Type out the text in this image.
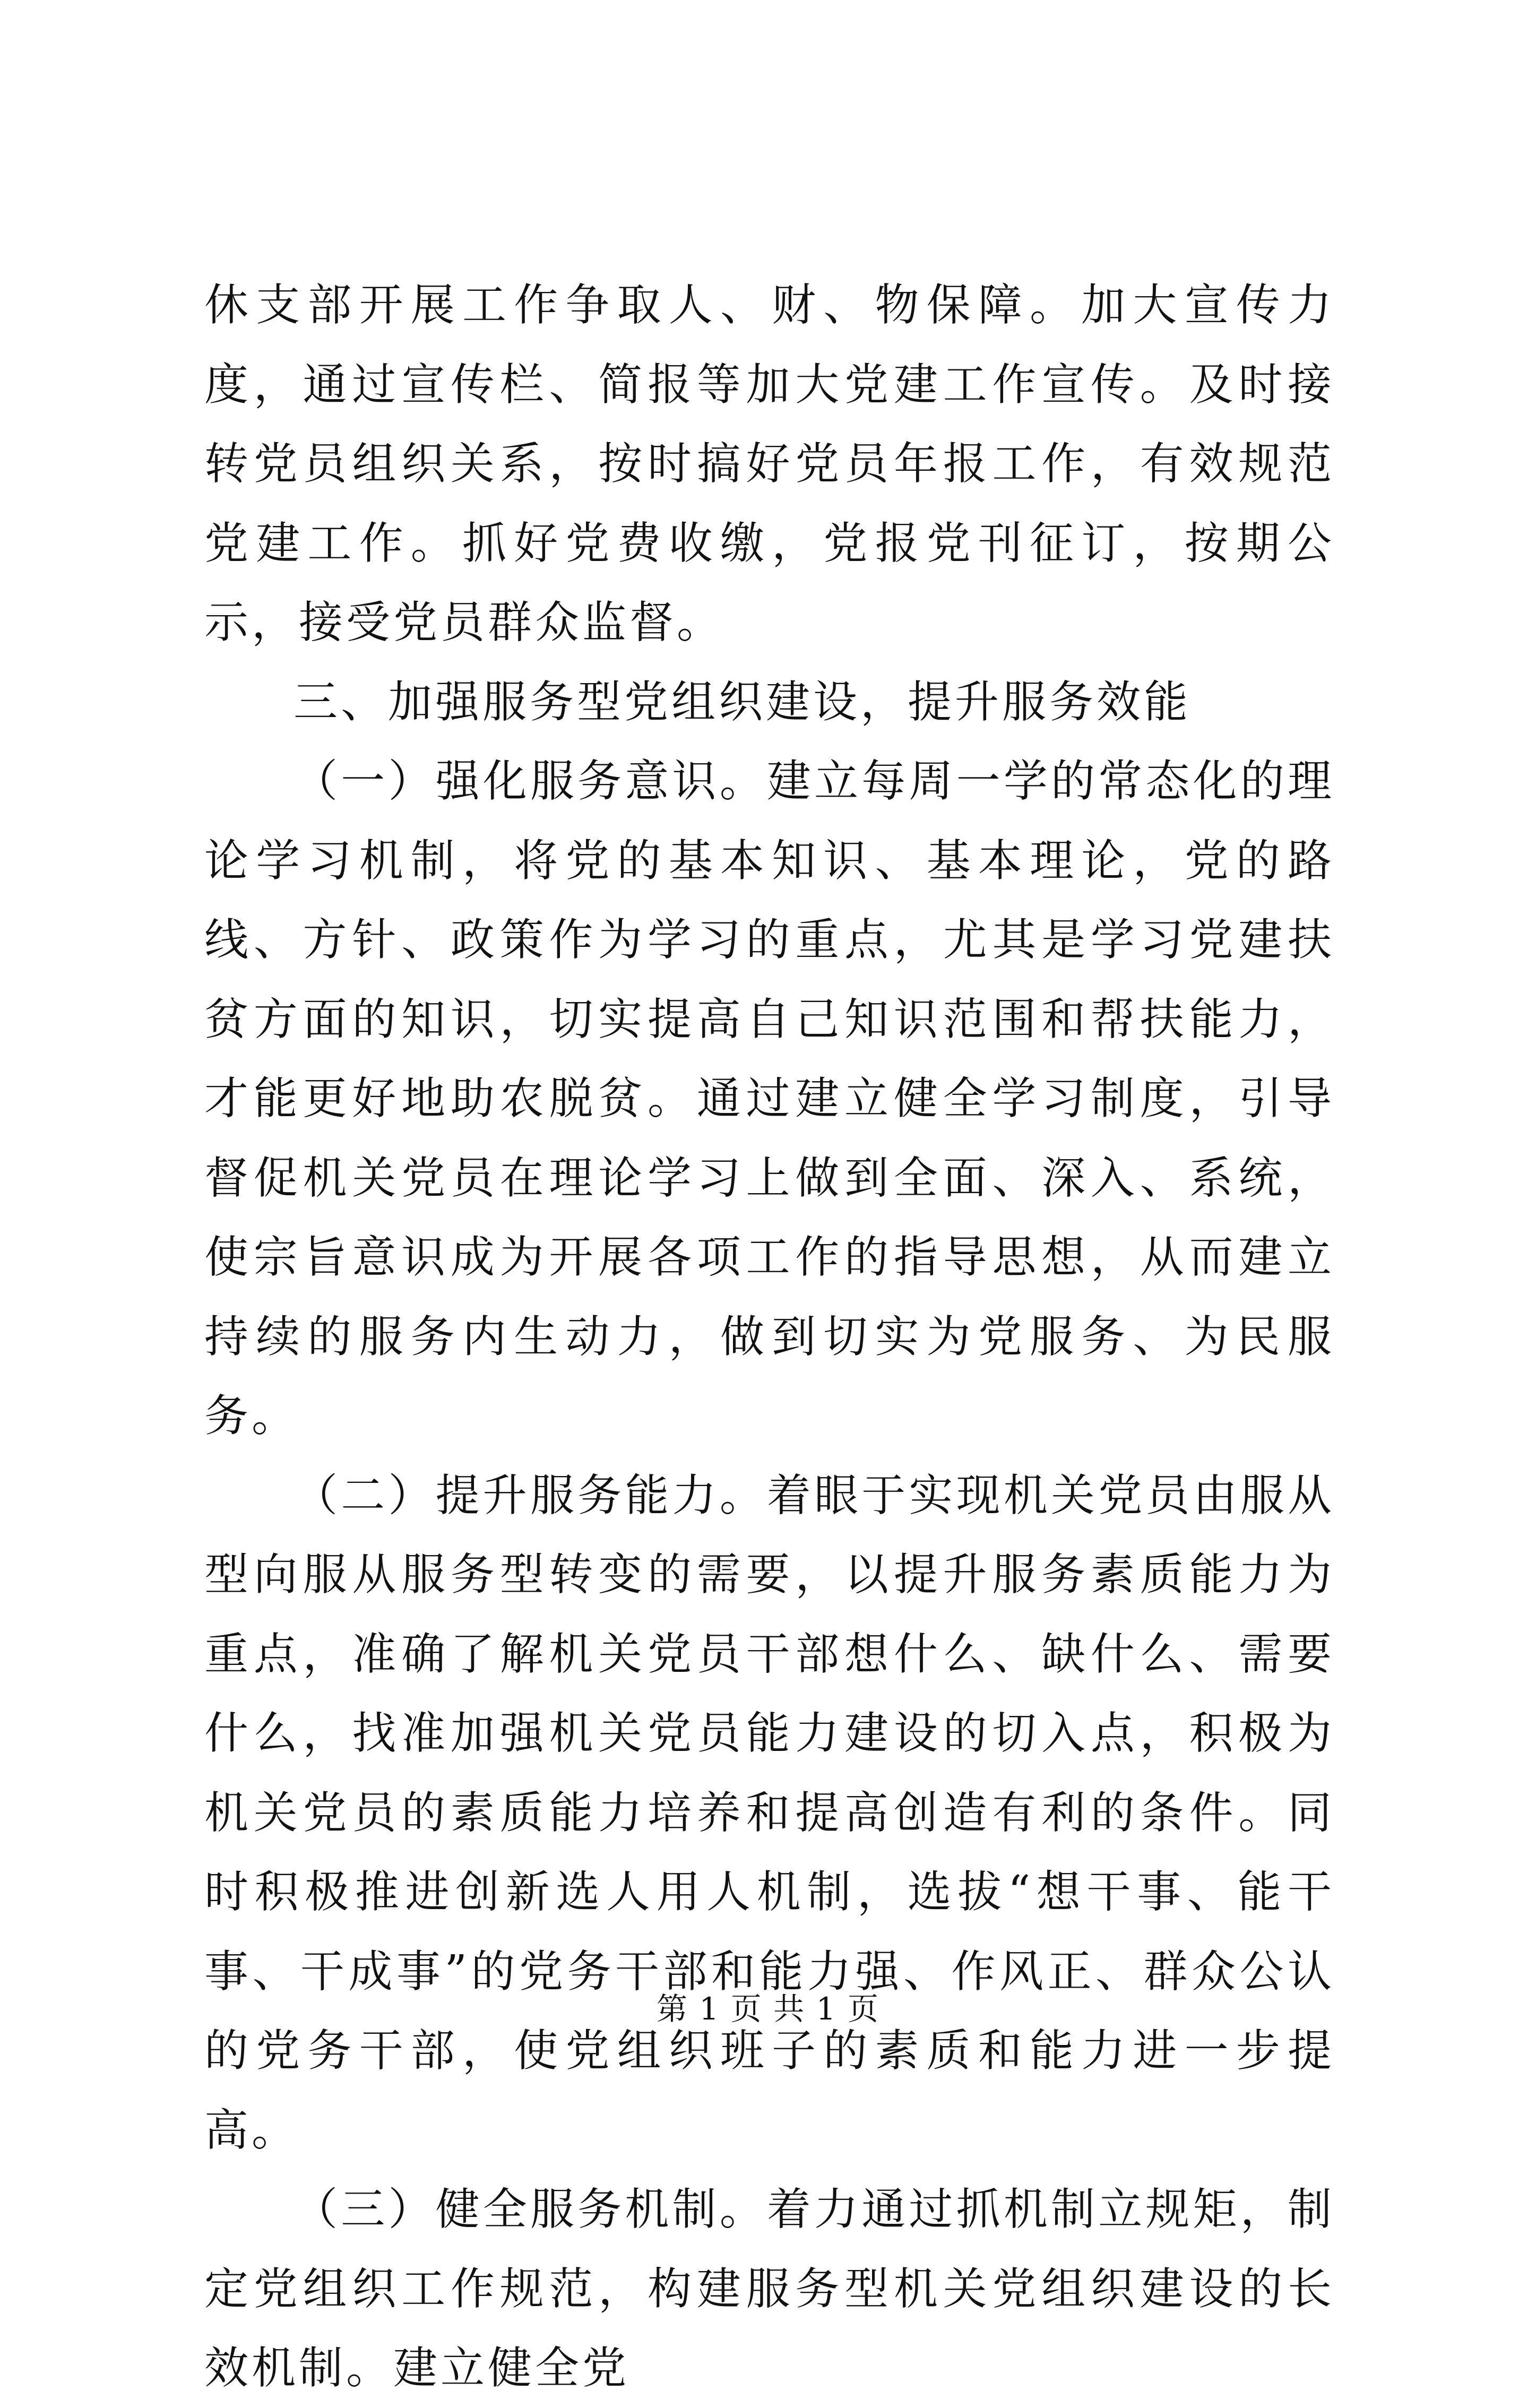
休支部开展工作争取人、财、物保障。加大宣传力度，通过宣传栏、简报等加大党建工作宣传。及时接转党员组织关系，按时搞好党员年报工作，有效规范党建工作。抓好党费收缴，党报党刊征订，按期公示，接受党员群众监督。

三、加强服务型党组织建设，提升服务效能

（一）强化服务意识。建立每周一学的常态化的理论学习机制，将党的基本知识、基本理论，党的路线、方针、政策作为学习的重点，尤其是学习党建扶贫方面的知识，切实提高自己知识范围和帮扶能力，才能更好地助农脱贫。通过建立健全学习制度，引导督促机关党员在理论学习上做到全面、深入、系统，使宗旨意识成为开展各项工作的指导思想，从而建立持续的服务内生动力，做到切实为党服务、为民服务。

（二）提升服务能力。着眼于实现机关党员由服从型向服从服务型转变的需要，以提升服务素质能力为重点，准确了解机关党员干部想什么、缺什么、需要什么，找准加强机关党员能力建设的切入点，积极为机关党员的素质能力培养和提高创造有利的条件。同时积极推进创新选人用人机制，选拔“想干事、能干事、干成事”的党务干部和能力强、作风正、群众公认的党务干部，使党组织班子的素质和能力进一步提高。

（三）健全服务机制。着力通过抓机制立规矩，制定党组织工作规范，构建服务型机关党组织建设的长效机制。建立健全党

第 1 页 共 1 页
